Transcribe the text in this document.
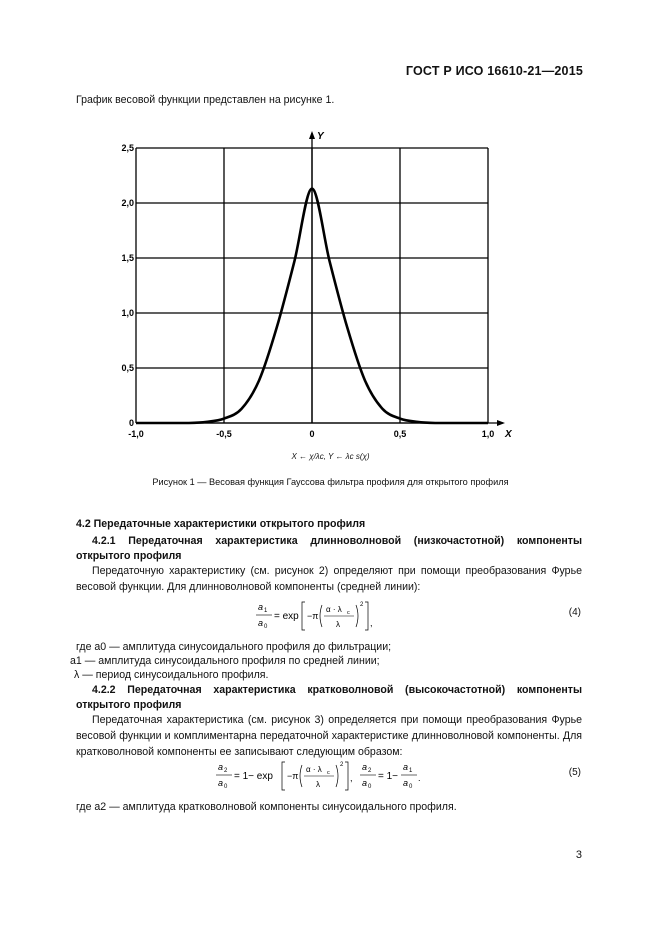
ГОСТ Р ИСО 16610-21—2015
График весовой функции представлен на рисунке 1.
X
Y
-1,0	-0,5	0	0,5	1,0
0
0,5
1,0
1,5
2,0
2,5
X ← χ/λc, Y ← λc s(χ)
Рисунок 1 — Весовая функция Гауссова фильтра профиля для открытого профиля
4.2 Передаточные характеристики открытого профиля
4.2.1 Передаточная характеристика длинноволновой (низкочастотной) компоненты
открытого профиля
Передаточную характеристику (см. рисунок 2) определяют при помощи преобразования Фурье весовой функции. Для длинноволновой компоненты (средней линии):
a 1
a 0
= exp −π
α · λ c
λ
2
,
(4)
где a0 — амплитуда синусоидального профиля до фильтрации;
a1 — амплитуда синусоидального профиля по средней линии;
λ — период синусоидального профиля.
4.2.2 Передаточная характеристика кратковолновой (высокочастотной) компоненты
открытого профиля
Передаточная характеристика (см. рисунок 3) определяется при помощи преобразования Фурье весовой функции и комплиментарна передаточной характеристике длинноволновой компоненты. Для кратковолновой компоненты ее записывают следующим образом:
a 2
a 0
= 1− exp −π
α · λ c
λ
2
,
a 2
a 0
= 1−
a 1
a 0
.	(5)
где a2 — амплитуда кратковолновой компоненты синусоидального профиля.
3
